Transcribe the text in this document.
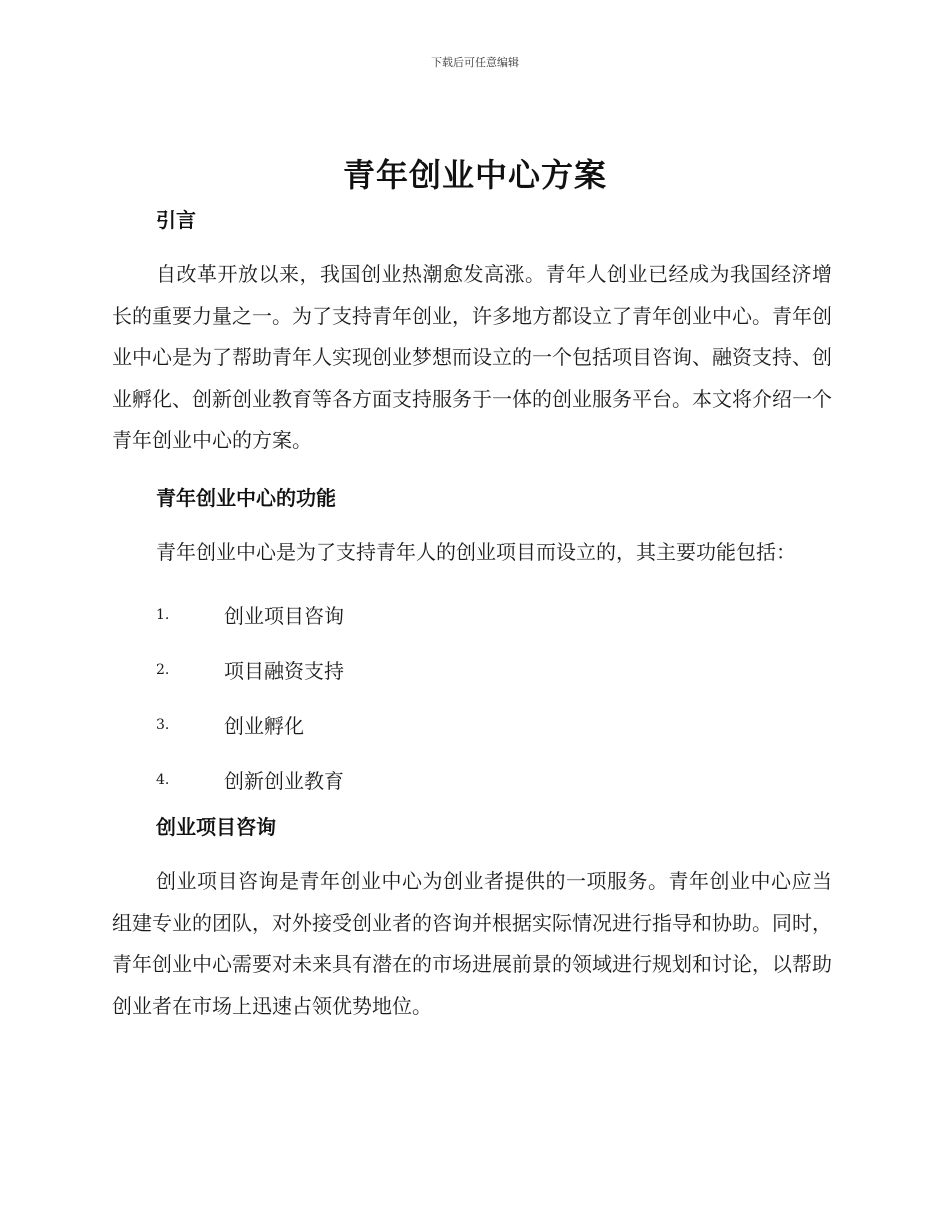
下载后可任意编辑
青年创业中心方案
引言

自改革开放以来，我国创业热潮愈发高涨。青年人创业已经成为我国经济增长的重要力量之一。为了支持青年创业，许多地方都设立了青年创业中心。青年创业中心是为了帮助青年人实现创业梦想而设立的一个包括项目咨询、融资支持、创业孵化、创新创业教育等各方面支持服务于一体的创业服务平台。本文将介绍一个青年创业中心的方案。

青年创业中心的功能

青年创业中心是为了支持青年人的创业项目而设立的，其主要功能包括：

1.	创业项目咨询
2.	项目融资支持
3.	创业孵化
4.	创新创业教育
创业项目咨询

创业项目咨询是青年创业中心为创业者提供的一项服务。青年创业中心应当组建专业的团队，对外接受创业者的咨询并根据实际情况进行指导和协助。同时，青年创业中心需要对未来具有潜在的市场进展前景的领域进行规划和讨论，以帮助创业者在市场上迅速占领优势地位。
